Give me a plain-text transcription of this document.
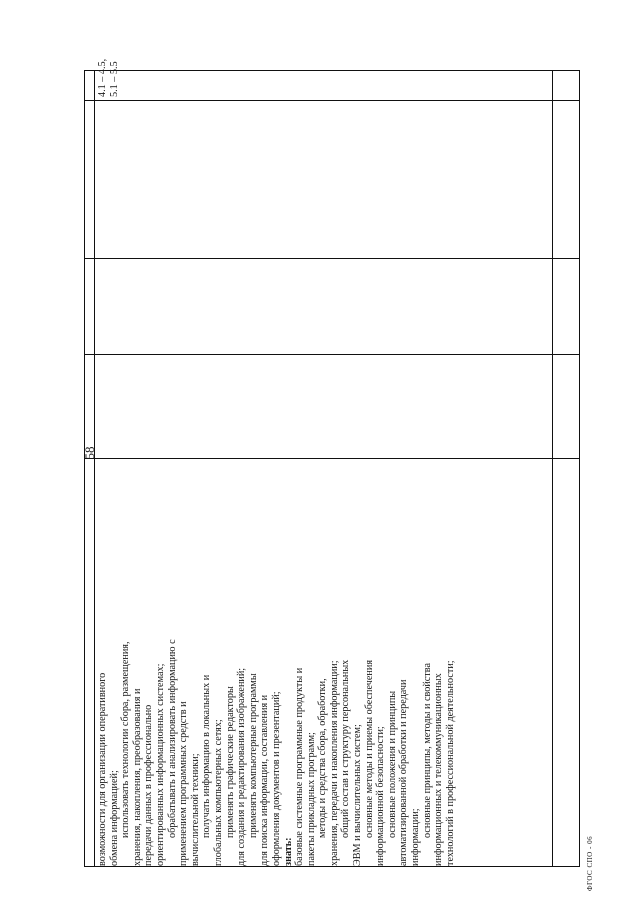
58
возможности для организации оперативного обмена информацией; использовать технологии сбора, размещения, хранения, накопления, преобразования и передачи данных в профессионально ориентированных информационных системах; обрабатывать и анализировать информацию с применением программных средств и вычислительной техники; получать информацию в локальных и глобальных компьютерных сетях; применять графические редакторы для создания и редактирования изображений; применять компьютерные программы для поиска информации, составления и оформления документов и презентаций; знать: базовые системные программные продукты и пакеты прикладных программ; методы и средства сбора, обработки, хранения, передачи и накопления информации; общий состав и структуру персональных ЭВМ и вычислительных систем; основные методы и приемы обеспечения информационной безопасности; основные положения и принципы автоматизированной обработки и передачи информации; основные принципы, методы и свойства информационных и телекоммуникационных технологий в профессиональной деятельности;
4.1 – 4.5, 5.1 – 5.5
ФГОС СПО - 06
